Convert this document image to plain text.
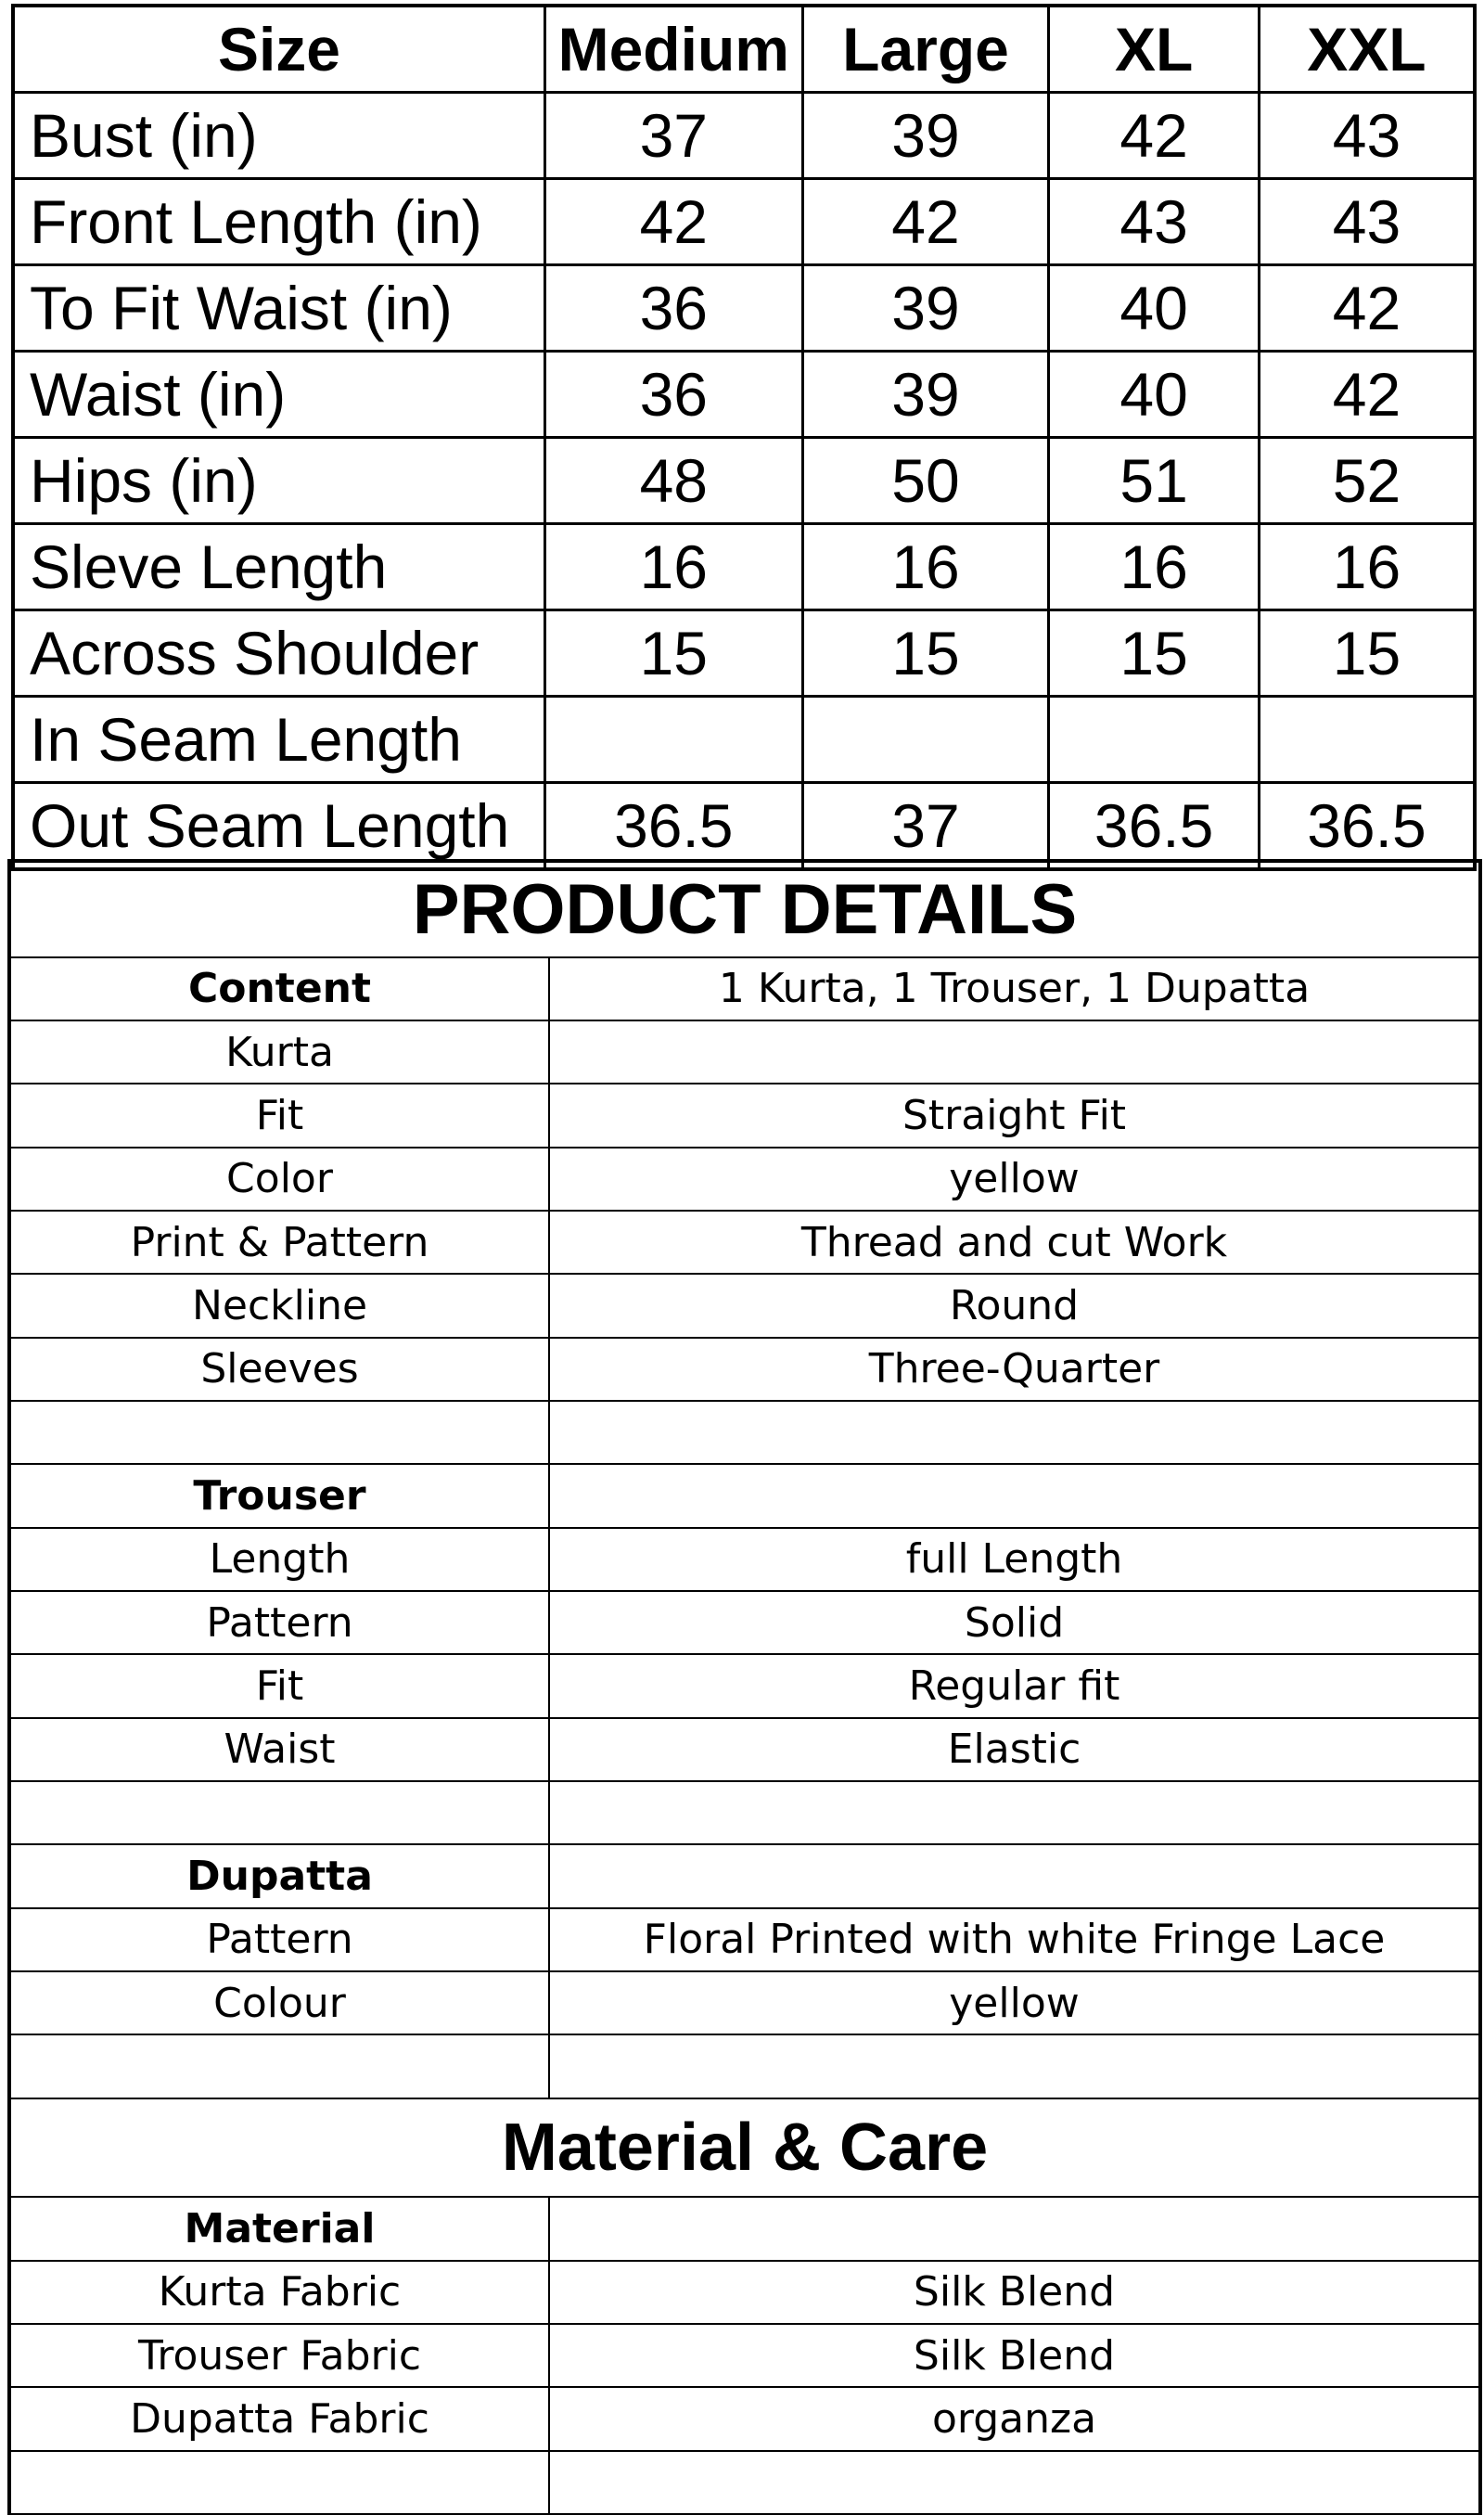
Size	Medium	Large	XL	XXL
Bust (in)	37	39	42	43
Front Length (in)	42	42	43	43
To Fit Waist (in)	36	39	40	42
Waist (in)	36	39	40	42
Hips (in)	48	50	51	52
Sleve Length	16	16	16	16
Across Shoulder	15	15	15	15
In Seam Length				
Out Seam Length	36.5	37	36.5	36.5
PRODUCT DETAILS	
Content	1 Kurta, 1 Trouser, 1 Dupatta
Kurta	
Fit	Straight Fit
Color	yellow
Print & Pattern	Thread and cut Work
Neckline	Round
Sleeves	Three-Quarter

Trouser	
Length	full Length
Pattern	Solid
Fit	Regular fit
Waist	Elastic

Dupatta	
Pattern	Floral Printed with white Fringe Lace
Colour	yellow

Material & Care	
Material	
Kurta Fabric	Silk Blend
Trouser Fabric	Silk Blend
Dupatta Fabric	organza
